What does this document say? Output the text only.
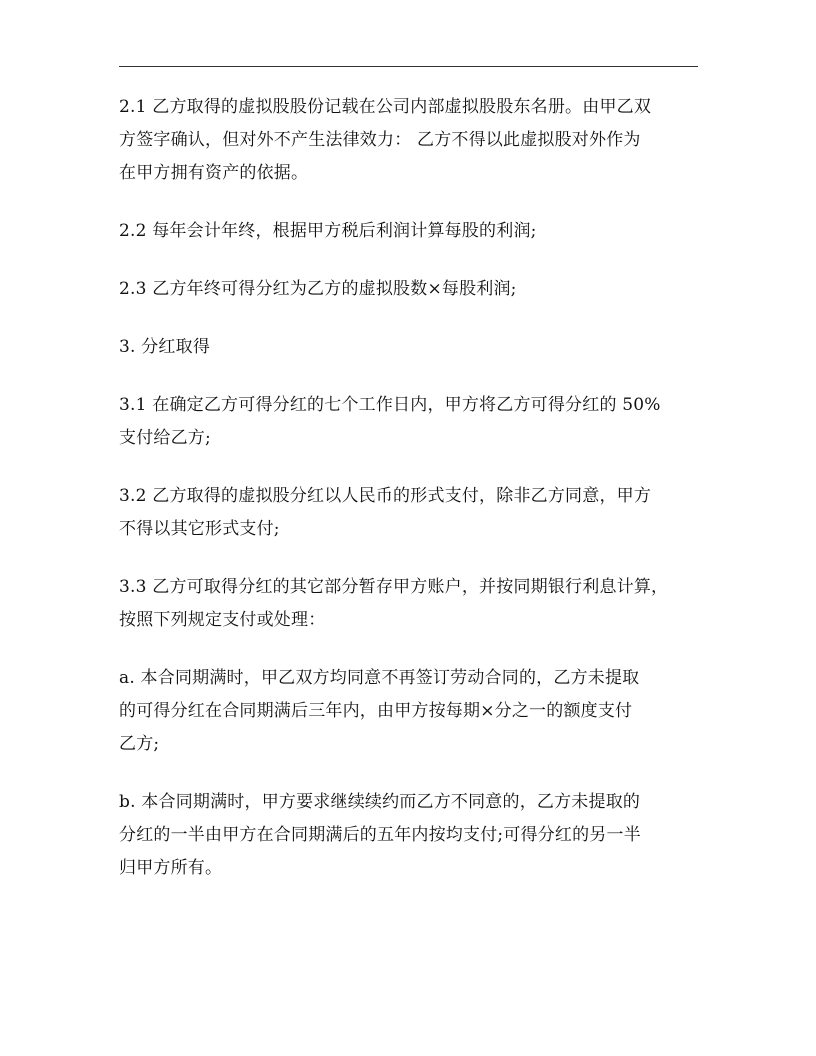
2.1 乙方取得的虚拟股股份记载在公司内部虚拟股股东名册。由甲乙双
方签字确认，但对外不产生法律效力： 乙方不得以此虚拟股对外作为
在甲方拥有资产的依据。
2.2 每年会计年终，根据甲方税后利润计算每股的利润;
2.3 乙方年终可得分红为乙方的虚拟股数×每股利润;
3. 分红取得
3.1 在确定乙方可得分红的七个工作日内，甲方将乙方可得分红的 50%
支付给乙方;
3.2 乙方取得的虚拟股分红以人民币的形式支付，除非乙方同意，甲方
不得以其它形式支付;
3.3 乙方可取得分红的其它部分暂存甲方账户，并按同期银行利息计算，
按照下列规定支付或处理：
a. 本合同期满时，甲乙双方均同意不再签订劳动合同的，乙方未提取
的可得分红在合同期满后三年内，由甲方按每期×分之一的额度支付
乙方;
b. 本合同期满时，甲方要求继续续约而乙方不同意的，乙方未提取的
分红的一半由甲方在合同期满后的五年内按均支付;可得分红的另一半
归甲方所有。
